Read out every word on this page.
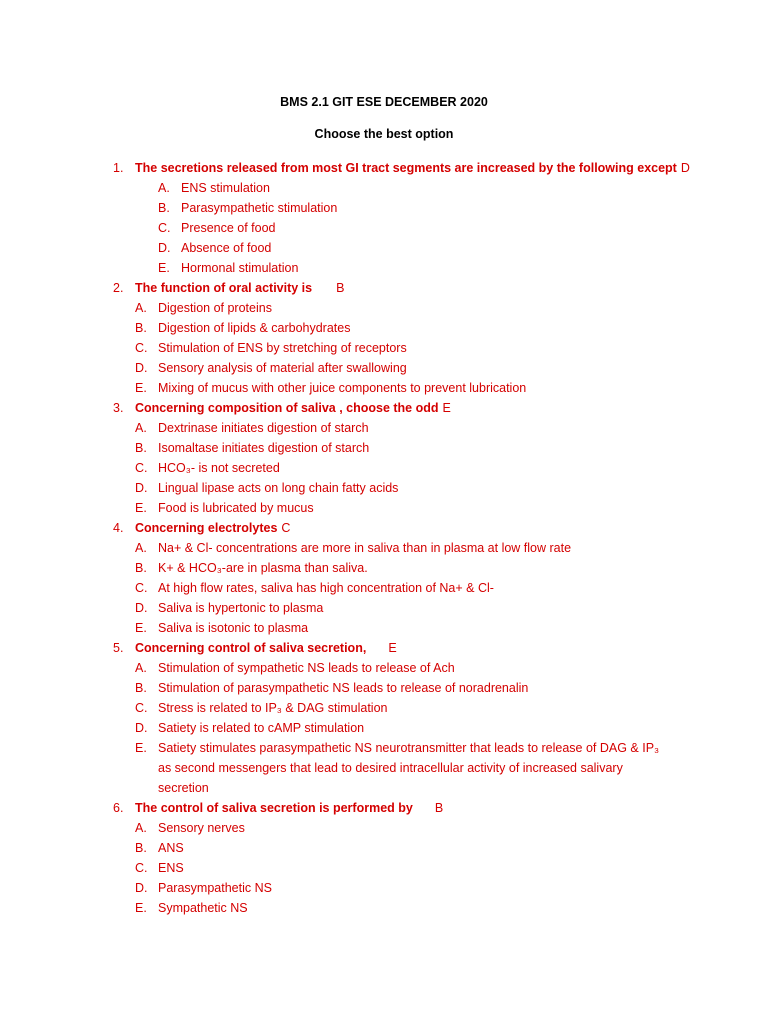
BMS 2.1 GIT ESE DECEMBER 2020
Choose the best option
1. The secretions released from most GI tract segments are increased by the following except D
A. ENS stimulation
B. Parasympathetic stimulation
C. Presence of food
D. Absence of food
E. Hormonal stimulation
2. The function of oral activity is B
A. Digestion of proteins
B. Digestion of lipids & carbohydrates
C. Stimulation of ENS by stretching of receptors
D. Sensory analysis of material after swallowing
E. Mixing of mucus with other juice components to prevent lubrication
3. Concerning composition of saliva , choose the odd E
A. Dextrinase initiates digestion of starch
B. Isomaltase initiates digestion of starch
C. HCO₃- is not secreted
D. Lingual lipase acts on long chain fatty acids
E. Food is lubricated by mucus
4. Concerning electrolytes C
A. Na+ & Cl- concentrations are more in saliva than in plasma at low flow rate
B. K+ & HCO₃-are in plasma than saliva.
C. At high flow rates, saliva has high concentration of Na+ & Cl-
D. Saliva is hypertonic to plasma
E. Saliva is isotonic to plasma
5. Concerning control of saliva secretion, E
A. Stimulation of sympathetic NS leads to release of Ach
B. Stimulation of parasympathetic NS leads to release of noradrenalin
C. Stress is related to IP₃ & DAG stimulation
D. Satiety is related to cAMP stimulation
E. Satiety stimulates parasympathetic NS neurotransmitter that leads to release of DAG & IP₃
as second messengers that lead to desired intracellular activity of increased salivary
secretion
6. The control of saliva secretion is performed by B
A. Sensory nerves
B. ANS
C. ENS
D. Parasympathetic NS
E. Sympathetic NS
